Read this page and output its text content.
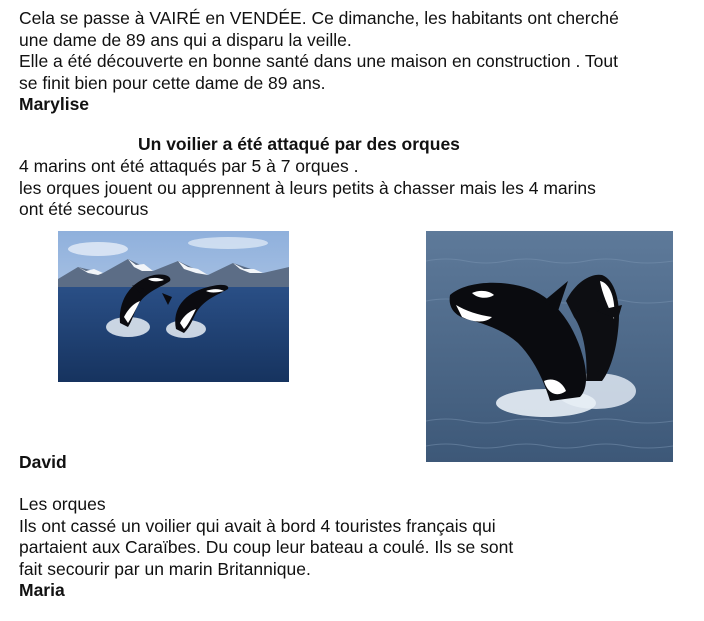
Cela se passe à VAIRÉ en VENDÉE. Ce dimanche, les habitants ont cherché
une dame de 89 ans qui a disparu la veille.
Elle a été découverte en bonne santé dans une maison en construction . Tout
se finit bien pour cette dame de 89 ans.
Marylise
Un voilier a été attaqué par des orques
4 marins ont été attaqués par 5 à 7 orques .
les orques jouent ou apprennent à leurs petits à chasser mais les 4 marins
ont été secourus
David
Les orques
Ils ont cassé un voilier qui avait à bord 4 touristes français qui
partaient aux Caraïbes. Du coup leur bateau a coulé. Ils se sont
fait secourir par un marin Britannique.
Maria
